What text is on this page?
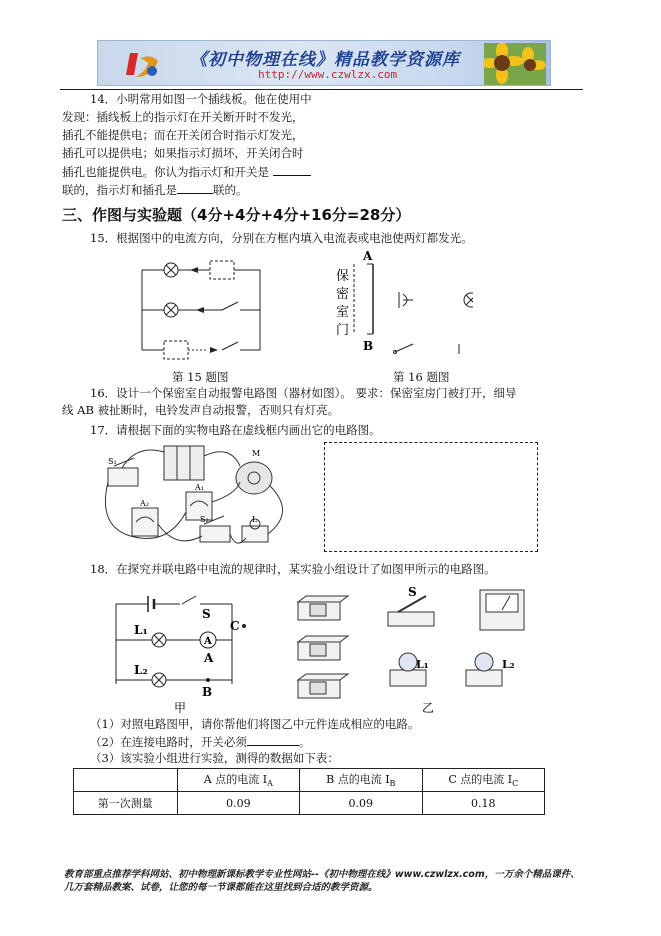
《初中物理在线》精品教学资源库
http://www.czwlzx.com
14．小明常用如图一个插线板。他在使用中
发现：插线板上的指示灯在开关断开时不发光，
插孔不能提供电；而在开关闭合时指示灯发光，
插孔可以提供电；如果指示灯损坏，开关闭合时
插孔也能提供电。你认为指示灯和开关是
联的，指示灯和插孔是	联的。
三、作图与实验题（4分+4分+4分+16分=28分）
15．根据图中的电流方向，分别在方框内填入电流表或电池使两灯都发光。
第 15 题图
A
B
保
密
室
门
第 16 题图
16．设计一个保密室自动报警电路图（器材如图）。 要求：保密室房门被打开，细导
线 AB 被扯断时，电铃发声自动报警，否则只有灯亮。
17．请根据下面的实物电路在虚线框内画出它的电路图。
S₁
A₁
A₂
M
L
S₂
18．在探究并联电路中电流的规律时，某实验小组设计了如图甲所示的电路图。
S
L₁
L₂
A
A
B
C
甲
S
L₁	L₂
乙
（1）对照电路图甲，请你帮他们将图乙中元件连成相应的电路。
（2）在连接电路时，开关必须	。
（3）该实验小组进行实验，测得的数据如下表：
	A 点的电流 $I_A$	B 点的电流 $I_B$	C 点的电流 $I_C$
第一次测量	0.09	0.09	0.18
教育部重点推荐学科网站、初中物理新课标教学专业性网站--《初中物理在线》www.czwlzx.com，一万余个精品课件、
几万套精品教案、试卷，让您的每一节课都能在这里找到合适的教学资源。
